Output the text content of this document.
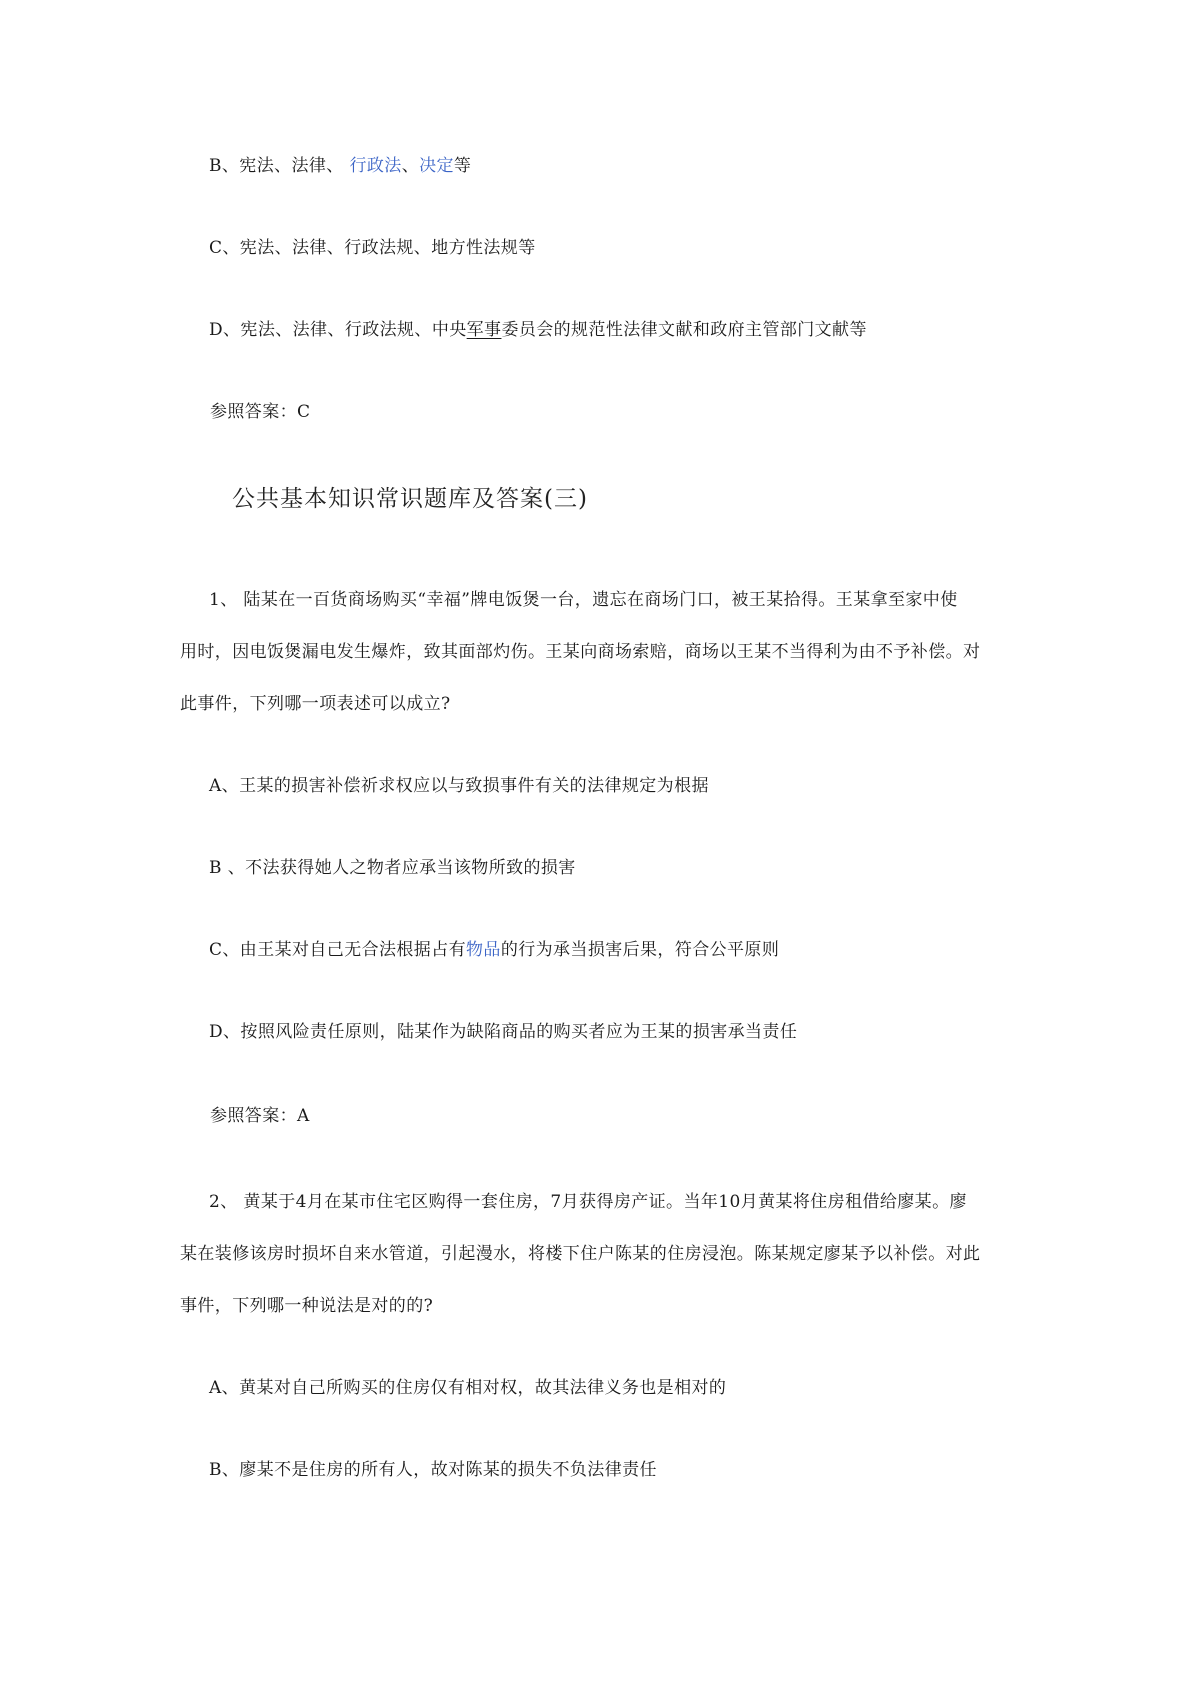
B、宪法、法律、 行政法、决定等
C、宪法、法律、行政法规、地方性法规等
D、宪法、法律、行政法规、中央军事委员会的规范性法律文献和政府主管部门文献等
参照答案：C
公共基本知识常识题库及答案(三)
1、 陆某在一百货商场购买“幸福”牌电饭煲一台，遗忘在商场门口，被王某拾得。王某拿至家中使
用时，因电饭煲漏电发生爆炸，致其面部灼伤。王某向商场索赔，商场以王某不当得利为由不予补偿。对
此事件，下列哪一项表述可以成立?
A、王某的损害补偿祈求权应以与致损事件有关的法律规定为根据
B 、不法获得她人之物者应承当该物所致的损害
C、由王某对自己无合法根据占有物品的行为承当损害后果，符合公平原则
D、按照风险责任原则，陆某作为缺陷商品的购买者应为王某的损害承当责任
参照答案：A
2、 黄某于4月在某市住宅区购得一套住房，7月获得房产证。当年10月黄某将住房租借给廖某。廖
某在装修该房时损坏自来水管道，引起漫水，将楼下住户陈某的住房浸泡。陈某规定廖某予以补偿。对此
事件，下列哪一种说法是对的的?
A、黄某对自己所购买的住房仅有相对权，故其法律义务也是相对的
B、廖某不是住房的所有人，故对陈某的损失不负法律责任
